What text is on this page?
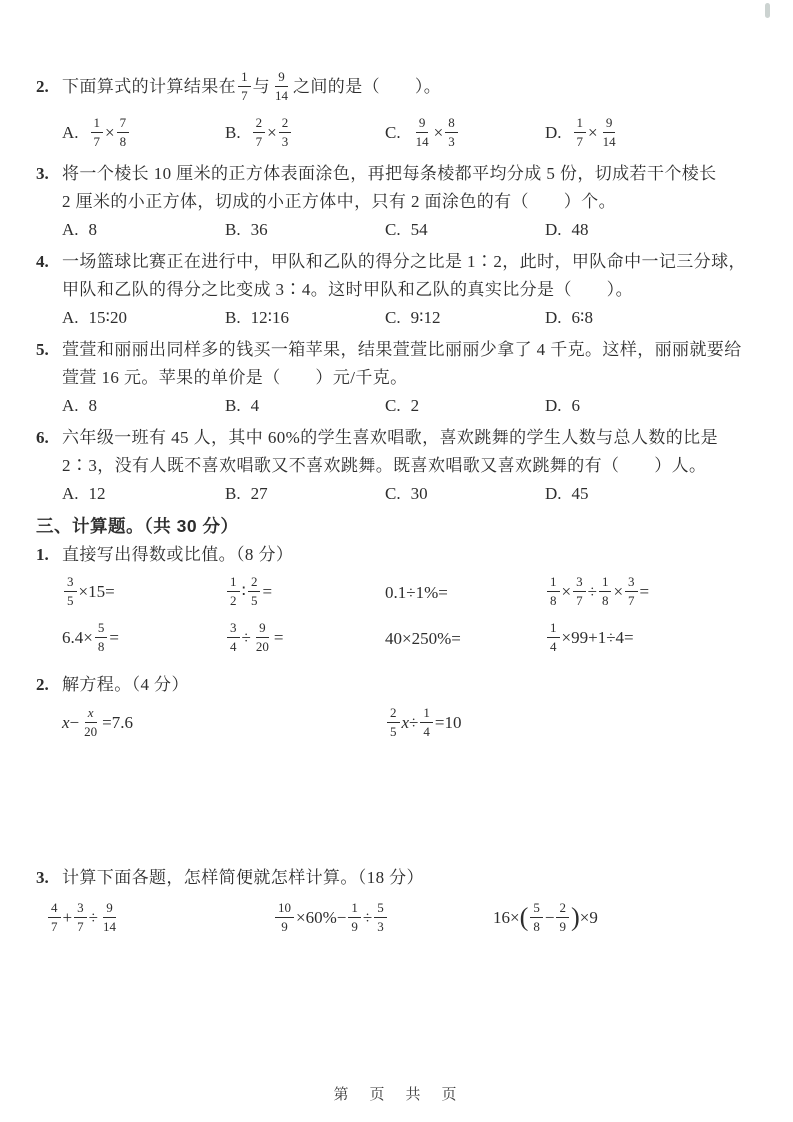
2. 下面算式的计算结果在 $\frac{1}{7}$ 与 $\frac{9}{14}$ 之间的是（　　 ）。
A. $\frac{1}{7} \times \frac{7}{8}$	B. $\frac{2}{7} \times \frac{2}{3}$	C. $\frac{9}{14} \times \frac{8}{3}$	D. $\frac{1}{7} \times \frac{9}{14}$
3. 将一个棱长 10 厘米的正方体表面涂色，再把每条棱都平均分成 5 份，切成若干个棱长
2 厘米的小正方体，切成的小正方体中，只有 2 面涂色的有（　　 ）个。
A. 8	B. 36	C. 54	D. 48
4. 一场篮球比赛正在进行中，甲队和乙队的得分之比是 1∶2，此时，甲队命中一记三分球，
甲队和乙队的得分之比变成 3∶4。这时甲队和乙队的真实比分是（　　 ）。
A. 15∶20	B. 12∶16	C. 9∶12	D. 6∶8
5. 萱萱和丽丽出同样多的钱买一箱苹果，结果萱萱比丽丽少拿了 4 千克。这样，丽丽就要给
萱萱 16 元。苹果的单价是（　　 ）元/千克。
A. 8	B. 4	C. 2	D. 6
6. 六年级一班有 45 人，其中 60%的学生喜欢唱歌，喜欢跳舞的学生人数与总人数的比是
2∶3，没有人既不喜欢唱歌又不喜欢跳舞。既喜欢唱歌又喜欢跳舞的有（　　 ）人。
A. 12	B. 27	C. 30	D. 45
三、计算题。（共 30 分）
1. 直接写出得数或比值。（8 分）
$\frac{3}{5} \times 15=$	$\frac{1}{2}$ ∶ $\frac{2}{5}$ =	0.1÷1%=	$\frac{1}{8} \times \frac{3}{7} \div \frac{1}{8} \times \frac{3}{7}$ =
$6.4\times \frac{5}{8}$ =	$\frac{3}{4} \div \frac{9}{20}$ =	40×250%=	$\frac{1}{4} \times 99+1\div 4=$
2. 解方程。（4 分）
$x- \frac{x}{20} =7.6$	$\frac{2}{5} x\div \frac{1}{4} =10$
3. 计算下面各题，怎样简便就怎样计算。（18 分）
$\frac{4}{7} + \frac{3}{7} \div \frac{9}{14}$	$\frac{10}{9} \times 60\%- \frac{1}{9} \div \frac{5}{3}$	$16\times( \frac{5}{8} - \frac{2}{9} )\times 9$
第　页　共　页
